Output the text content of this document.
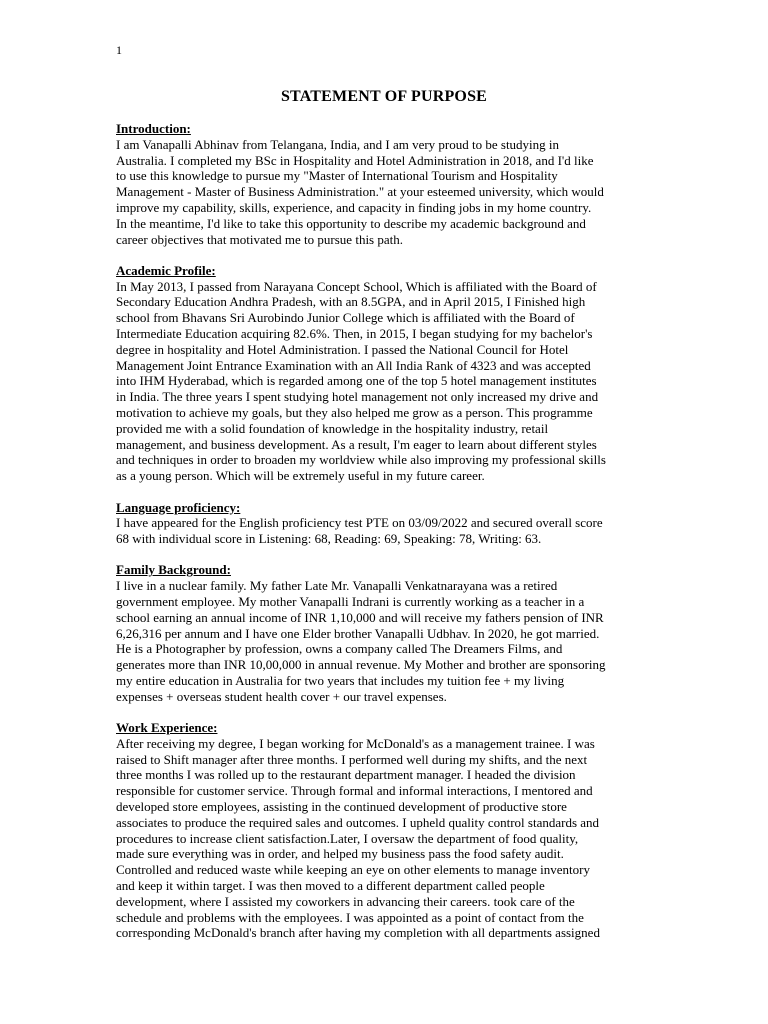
1
STATEMENT OF PURPOSE
Introduction:
I am Vanapalli Abhinav from Telangana, India, and I am very proud to be studying in
Australia. I completed my BSc in Hospitality and Hotel Administration in 2018, and I'd like
to use this knowledge to pursue my "Master of International Tourism and Hospitality
Management - Master of Business Administration." at your esteemed university, which would
improve my capability, skills, experience, and capacity in finding jobs in my home country.
In the meantime, I'd like to take this opportunity to describe my academic background and
career objectives that motivated me to pursue this path.
Academic Profile:
In May 2013, I passed from Narayana Concept School, Which is affiliated with the Board of
Secondary Education Andhra Pradesh, with an 8.5GPA, and in April 2015, I Finished high
school from Bhavans Sri Aurobindo Junior College which is affiliated with the Board of
Intermediate Education acquiring 82.6%. Then, in 2015, I began studying for my bachelor's
degree in hospitality and Hotel Administration. I passed the National Council for Hotel
Management Joint Entrance Examination with an All India Rank of 4323 and was accepted
into IHM Hyderabad, which is regarded among one of the top 5 hotel management institutes
in India. The three years I spent studying hotel management not only increased my drive and
motivation to achieve my goals, but they also helped me grow as a person. This programme
provided me with a solid foundation of knowledge in the hospitality industry, retail
management, and business development. As a result, I'm eager to learn about different styles
and techniques in order to broaden my worldview while also improving my professional skills
as a young person. Which will be extremely useful in my future career.
Language proficiency:
I have appeared for the English proficiency test PTE on 03/09/2022 and secured overall score
68 with individual score in Listening: 68, Reading: 69, Speaking: 78, Writing: 63.
Family Background:
I live in a nuclear family. My father Late Mr. Vanapalli Venkatnarayana was a retired
government employee. My mother Vanapalli Indrani is currently working as a teacher in a
school earning an annual income of INR 1,10,000 and will receive my fathers pension of INR
6,26,316 per annum and I have one Elder brother Vanapalli Udbhav. In 2020, he got married.
He is a Photographer by profession, owns a company called The Dreamers Films, and
generates more than INR 10,00,000 in annual revenue. My Mother and brother are sponsoring
my entire education in Australia for two years that includes my tuition fee + my living
expenses + overseas student health cover + our travel expenses.
Work Experience:
After receiving my degree, I began working for McDonald's as a management trainee. I was
raised to Shift manager after three months. I performed well during my shifts, and the next
three months I was rolled up to the restaurant department manager. I headed the division
responsible for customer service. Through formal and informal interactions, I mentored and
developed store employees, assisting in the continued development of productive store
associates to produce the required sales and outcomes. I upheld quality control standards and
procedures to increase client satisfaction.Later, I oversaw the department of food quality,
made sure everything was in order, and helped my business pass the food safety audit.
Controlled and reduced waste while keeping an eye on other elements to manage inventory
and keep it within target. I was then moved to a different department called people
development, where I assisted my coworkers in advancing their careers. took care of the
schedule and problems with the employees. I was appointed as a point of contact from the
corresponding McDonald's branch after having my completion with all departments assigned
